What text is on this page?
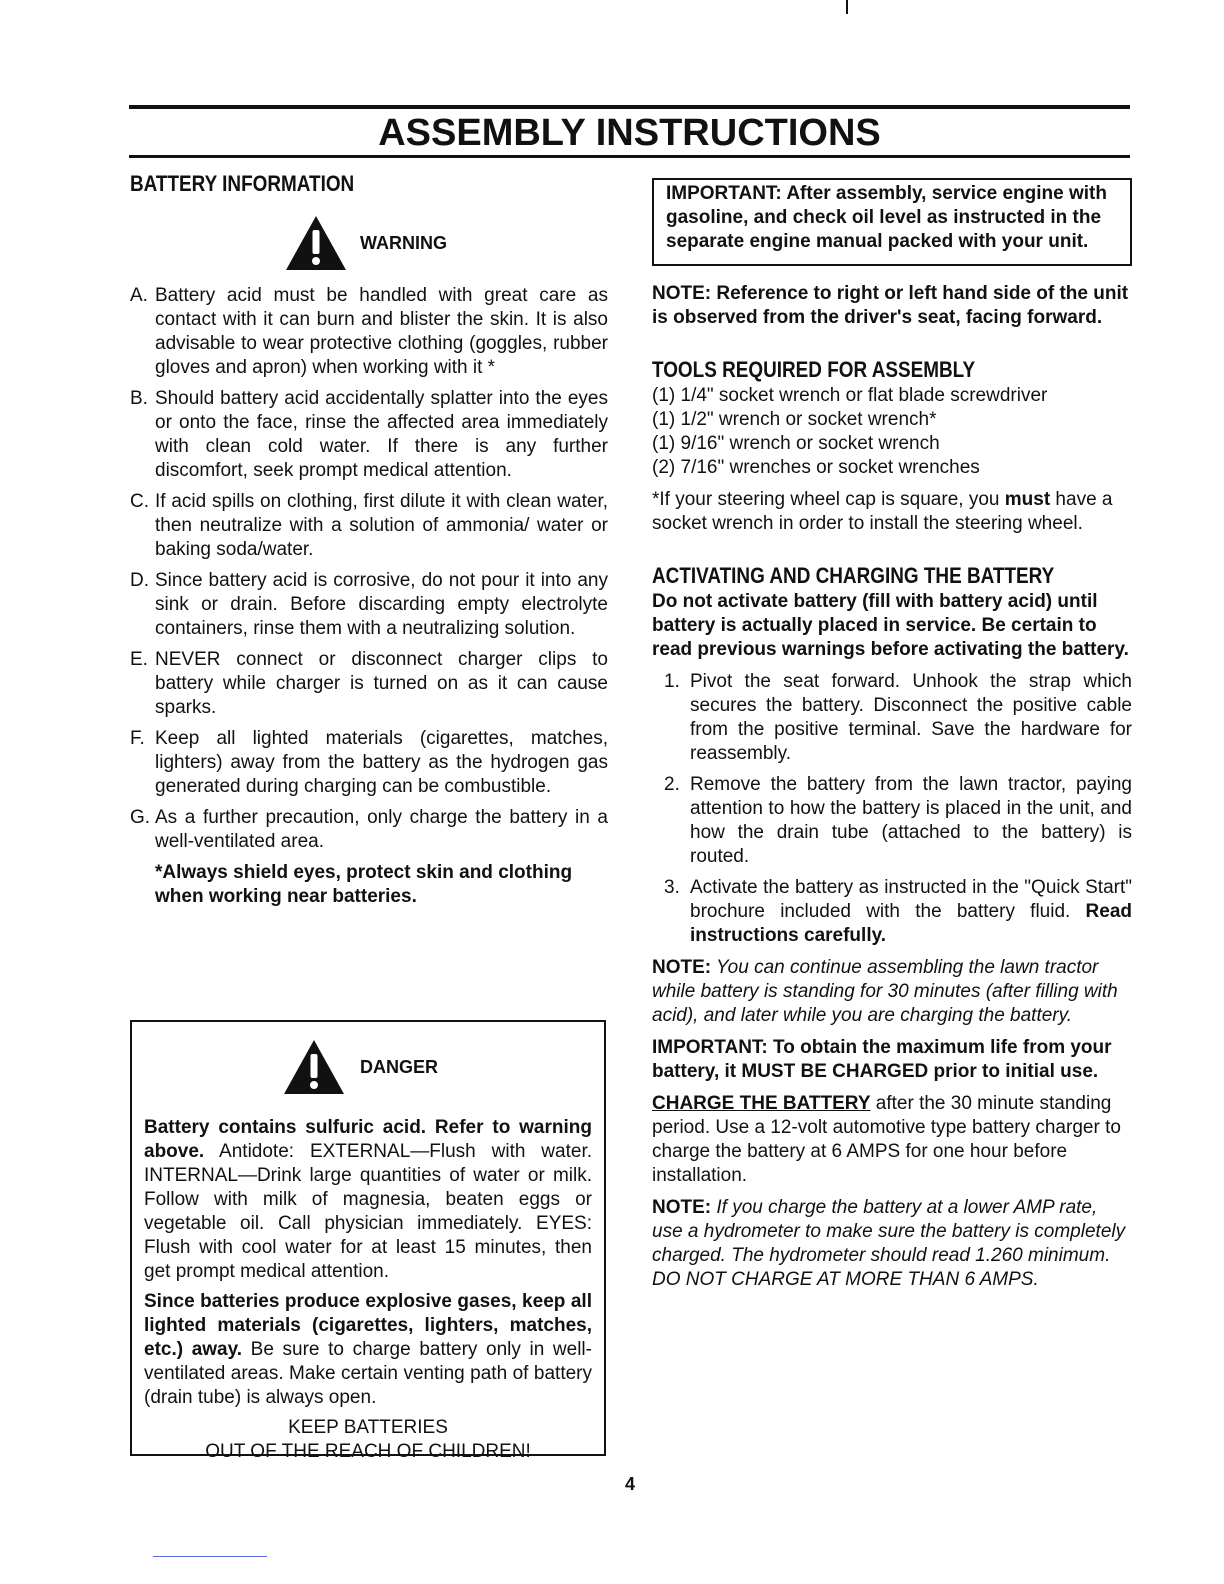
ASSEMBLY INSTRUCTIONS
BATTERY INFORMATION
WARNING
A. Battery acid must be handled with great care as contact with it can burn and blister the skin. It is also advisable to wear protective clothing (goggles, rubber gloves and apron) when working with it *
B. Should battery acid accidentally splatter into the eyes or onto the face, rinse the affected area immediately with clean cold water. If there is any further discomfort, seek prompt medical attention.
C. If acid spills on clothing, first dilute it with clean water, then neutralize with a solution of ammonia/ water or baking soda/water.
D. Since battery acid is corrosive, do not pour it into any sink or drain. Before discarding empty electrolyte containers, rinse them with a neutralizing solution.
E. NEVER connect or disconnect charger clips to battery while charger is turned on as it can cause sparks.
F. Keep all lighted materials (cigarettes, matches, lighters) away from the battery as the hydrogen gas generated during charging can be combustible.
G. As a further precaution, only charge the battery in a well-ventilated area.
*Always shield eyes, protect skin and clothing when working near batteries.
DANGER

Battery contains sulfuric acid. Refer to warning above. Antidote: EXTERNAL—Flush with water. INTERNAL—Drink large quantities of water or milk. Follow with milk of magnesia, beaten eggs or vegetable oil. Call physician immediately. EYES: Flush with cool water for at least 15 minutes, then get prompt medical attention.

Since batteries produce explosive gases, keep all lighted materials (cigarettes, lighters, matches, etc.) away. Be sure to charge battery only in well-ventilated areas. Make certain venting path of battery (drain tube) is always open.

KEEP BATTERIES
OUT OF THE REACH OF CHILDREN!

IMPORTANT: After assembly, service engine with gasoline, and check oil level as instructed in the separate engine manual packed with your unit.

NOTE: Reference to right or left hand side of the unit is observed from the driver's seat, facing forward.

TOOLS REQUIRED FOR ASSEMBLY
(1) 1/4" socket wrench or flat blade screwdriver
(1) 1/2" wrench or socket wrench*
(1) 9/16" wrench or socket wrench
(2) 7/16" wrenches or socket wrenches

*If your steering wheel cap is square, you must have a socket wrench in order to install the steering wheel.

ACTIVATING AND CHARGING THE BATTERY

Do not activate battery (fill with battery acid) until battery is actually placed in service. Be certain to read previous warnings before activating the battery.

1. Pivot the seat forward. Unhook the strap which secures the battery. Disconnect the positive cable from the positive terminal. Save the hardware for reassembly.
2. Remove the battery from the lawn tractor, paying attention to how the battery is placed in the unit, and how the drain tube (attached to the battery) is routed.
3. Activate the battery as instructed in the "Quick Start" brochure included with the battery fluid. Read instructions carefully.

NOTE: You can continue assembling the lawn tractor while battery is standing for 30 minutes (after filling with acid), and later while you are charging the battery.

IMPORTANT: To obtain the maximum life from your battery, it MUST BE CHARGED prior to initial use.

CHARGE THE BATTERY after the 30 minute standing period. Use a 12-volt automotive type battery charger to charge the battery at 6 AMPS for one hour before installation.

NOTE: If you charge the battery at a lower AMP rate, use a hydrometer to make sure the battery is completely charged. The hydrometer should read 1.260 minimum. DO NOT CHARGE AT MORE THAN 6 AMPS.

4
